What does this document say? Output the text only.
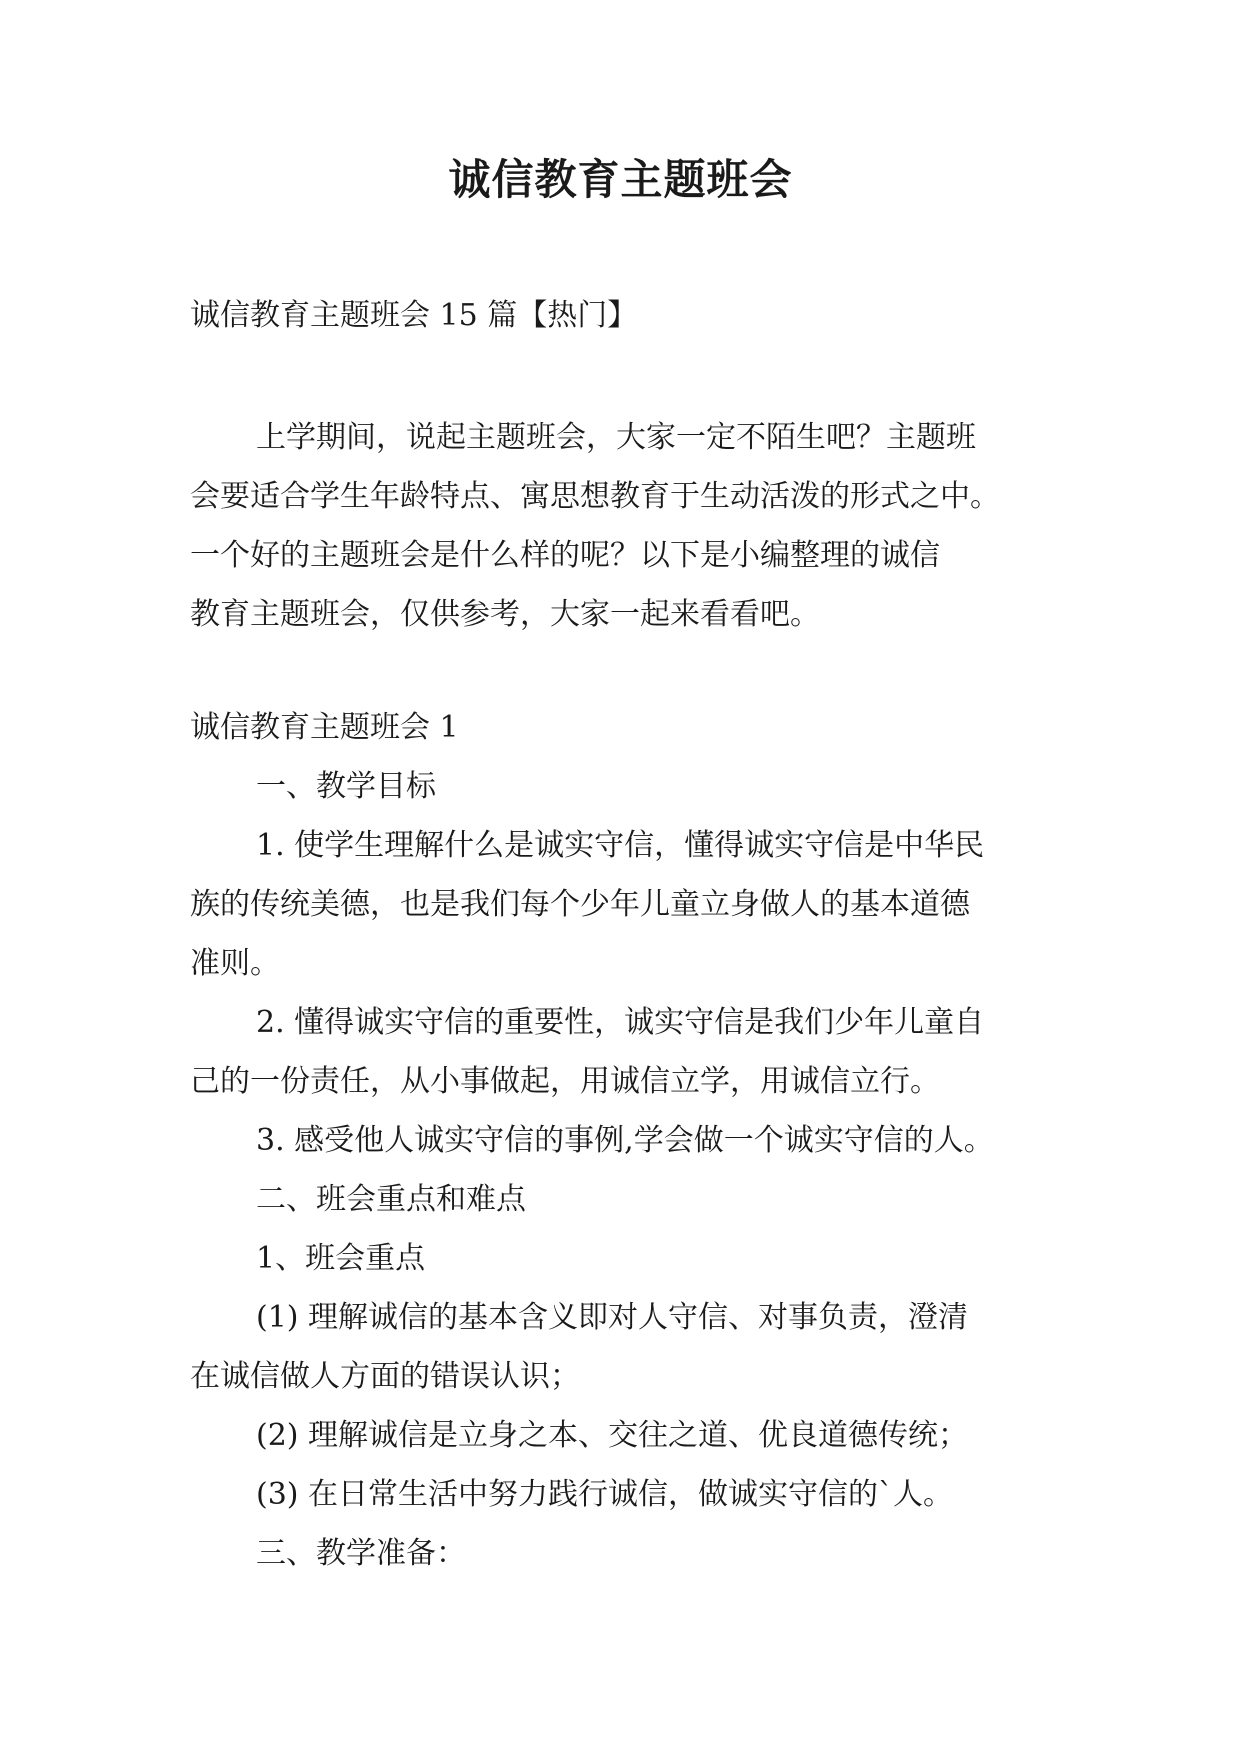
诚信教育主题班会

诚信教育主题班会 15 篇【热门】

上学期间，说起主题班会，大家一定不陌生吧？主题班
会要适合学生年龄特点、寓思想教育于生动活泼的形式之中。
一个好的主题班会是什么样的呢？以下是小编整理的诚信
教育主题班会，仅供参考，大家一起来看看吧。

诚信教育主题班会 1
一、教学目标
1. 使学生理解什么是诚实守信，懂得诚实守信是中华民
族的传统美德，也是我们每个少年儿童立身做人的基本道德
准则。
2. 懂得诚实守信的重要性，诚实守信是我们少年儿童自
己的一份责任，从小事做起，用诚信立学，用诚信立行。
3. 感受他人诚实守信的事例,学会做一个诚实守信的人。
二、班会重点和难点
1、班会重点
(1) 理解诚信的基本含义即对人守信、对事负责，澄清
在诚信做人方面的错误认识；
(2) 理解诚信是立身之本、交往之道、优良道德传统；
(3) 在日常生活中努力践行诚信，做诚实守信的`人。
三、教学准备：
